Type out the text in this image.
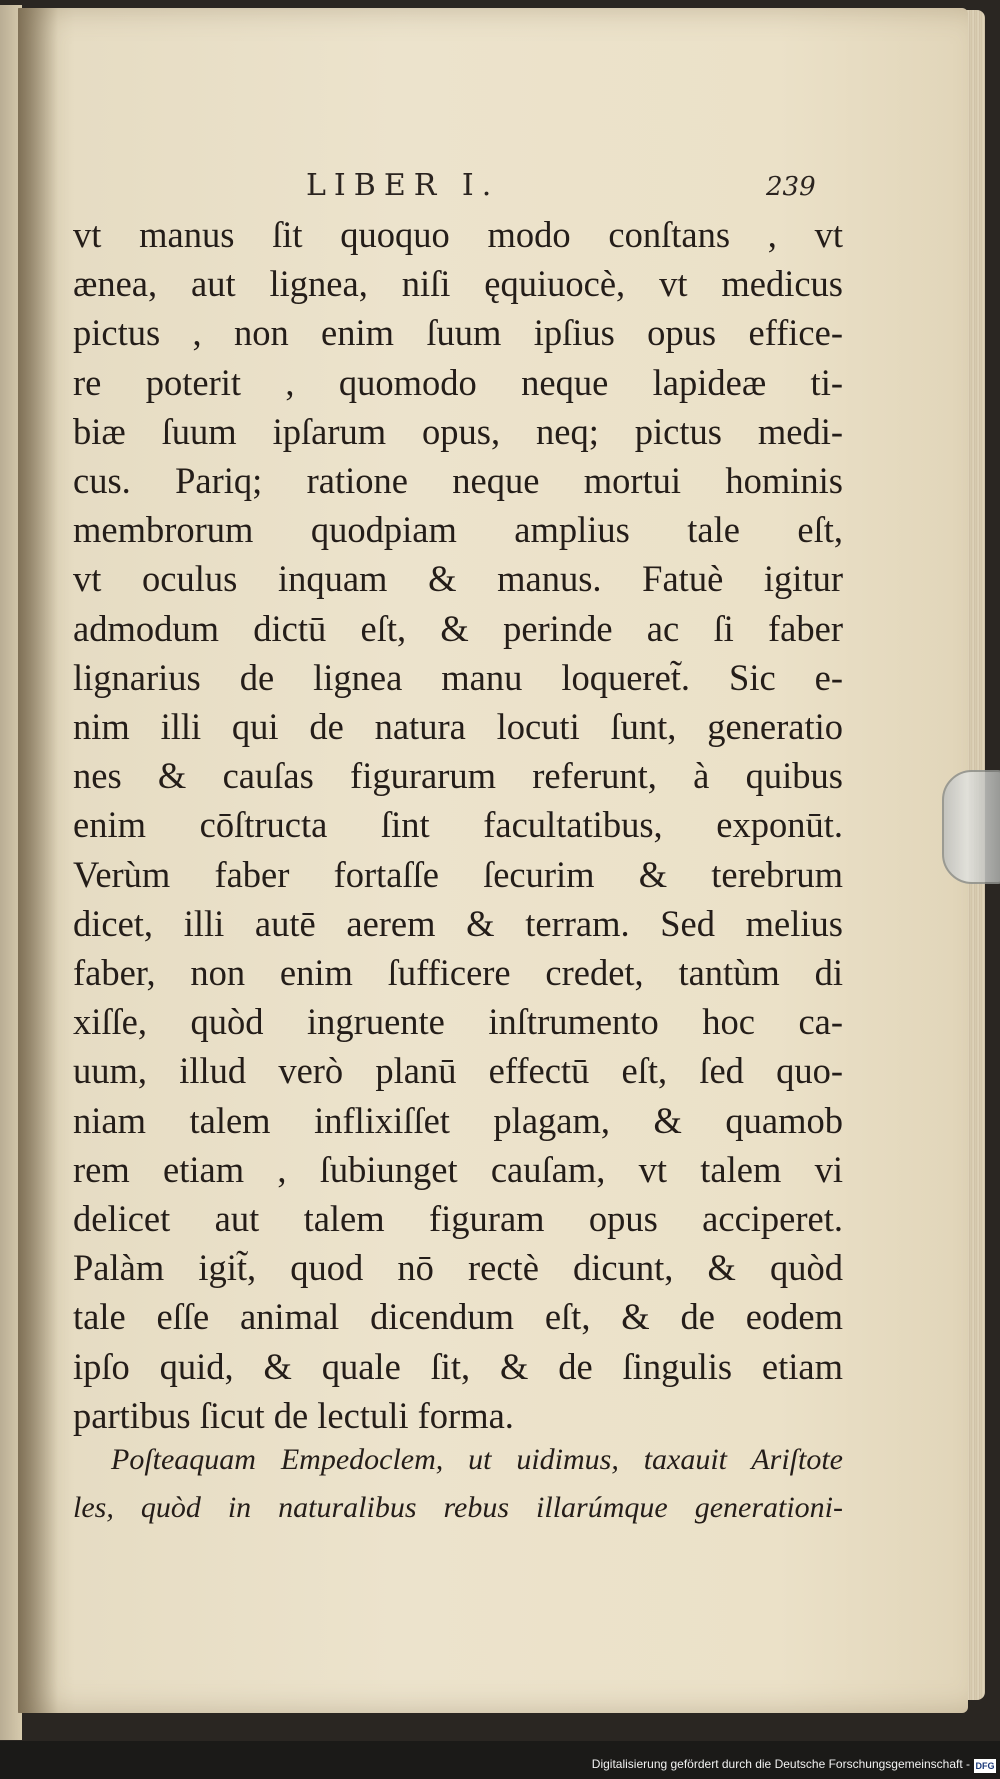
LIBER I.	239
vt manus ſit quoquo modo conſtans , vt
ænea, aut lignea, niſi ęquiuocè, vt medicus
pictus , non enim ſuum ipſius opus effice-
re poterit , quomodo neque lapideæ ti-
biæ ſuum ipſarum opus, neq; pictus medi-
cus. Pariq; ratione neque mortui hominis
membrorum quodpiam amplius tale eſt,
vt oculus inquam & manus. Fatuè igitur
admodum dictū eſt, & perinde ac ſi faber
lignarius de lignea manu loqueret̃. Sic e-
nim illi qui de natura locuti ſunt, generatio
nes & cauſas figurarum referunt, à quibus
enim cōſtructa ſint facultatibus, exponūt.
Verùm faber fortaſſe ſecurim & terebrum
dicet, illi autē aerem & terram. Sed melius
faber, non enim ſufficere credet, tantùm di
xiſſe, quòd ingruente inſtrumento hoc ca-
uum, illud verò planū effectū eſt, ſed quo-
niam talem inflixiſſet plagam, & quamob
rem etiam , ſubiunget cauſam, vt talem vi
delicet aut talem figuram opus acciperet.
Palàm igit̃, quod nō rectè dicunt, & quòd
tale eſſe animal dicendum eſt, & de eodem
ipſo quid, & quale ſit, & de ſingulis etiam
partibus ſicut de lectuli forma.
Poſteaquam Empedoclem, ut uidimus, taxauit Ariſtote
les, quòd in naturalibus rebus illarúmque generationi-
Digitalisierung gefördert durch die Deutsche Forschungsgemeinschaft - DFG
